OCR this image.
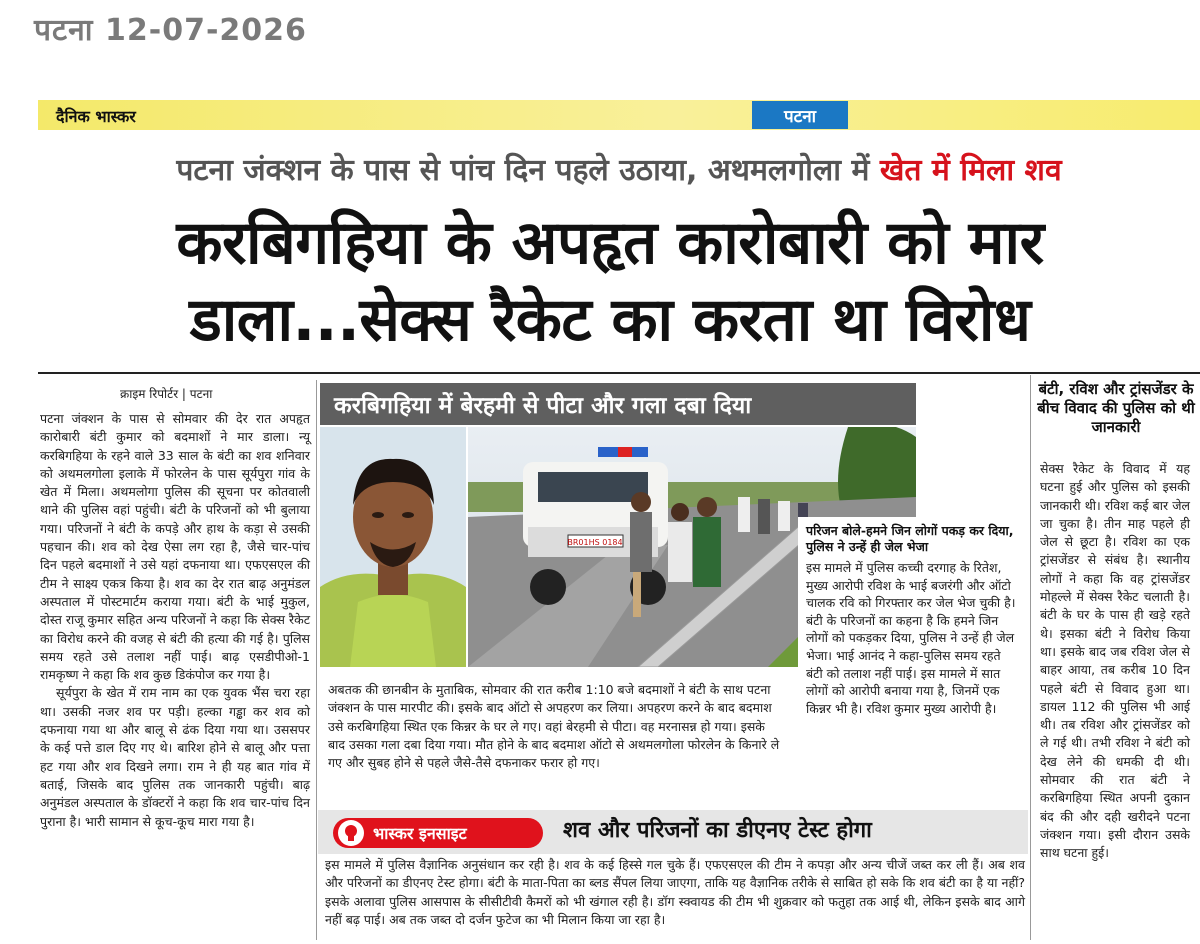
पटना 12-07-2026
दैनिक भास्कर	पटना
पटना जंक्शन के पास से पांच दिन पहले उठाया, अथमलगोला में खेत में मिला शव
करबिगहिया के अपहृत कारोबारी को मार
डाला...सेक्स रैकेट का करता था विरोध
क्राइम रिपोर्टर | पटना

पटना जंक्शन के पास से सोमवार की देर रात अपहृत कारोबारी बंटी कुमार को बदमाशों ने मार डाला। न्यू करबिगहिया के रहने वाले 33 साल के बंटी का शव शनिवार को अथमलगोला इलाके में फोरलेन के पास सूर्यपुरा गांव के खेत में मिला। अथमलोगा पुलिस की सूचना पर कोतवाली थाने की पुलिस वहां पहुंची। बंटी के परिजनों को भी बुलाया गया। परिजनों ने बंटी के कपड़े और हाथ के कड़ा से उसकी पहचान की। शव को देख ऐसा लग रहा है, जैसे चार-पांच दिन पहले बदमाशों ने उसे यहां दफनाया था। एफएसएल की टीम ने साक्ष्य एकत्र किया है। शव का देर रात बाढ़ अनुमंडल अस्पताल में पोस्टमार्टम कराया गया। बंटी के भाई मुकुल, दोस्त राजू कुमार सहित अन्य परिजनों ने कहा कि सेक्स रैकेट का विरोध करने की वजह से बंटी की हत्या की गई है। पुलिस समय रहते उसे तलाश नहीं पाई। बाढ़ एसडीपीओ-1 रामकृष्ण ने कहा कि शव कुछ डिकंपोज कर गया है।

सूर्यपुरा के खेत में राम नाम का एक युवक भैंस चरा रहा था। उसकी नजर शव पर पड़ी। हल्का गड्ढा कर शव को दफनाया गया था और बालू से ढंक दिया गया था। उससपर के कई पत्ते डाल दिए गए थे। बारिश होने से बालू और पत्ता हट गया और शव दिखने लगा। राम ने ही यह बात गांव में बताई, जिसके बाद पुलिस तक जानकारी पहुंची। बाढ़ अनुमंडल अस्पताल के डॉक्टरों ने कहा कि शव चार-पांच दिन पुराना है। भारी सामान से कूच-कूच मारा गया है।

करबिगहिया में बेरहमी से पीटा और गला दबा दिया
BR01HS 0184
परिजन बोले-हमने जिन लोगों पकड़ कर दिया, पुलिस ने उन्हें ही जेल भेजा
इस मामले में पुलिस कच्ची दरगाह के रितेश, मुख्य आरोपी रविश के भाई बजरंगी और ऑटो चालक रवि को गिरफ्तार कर जेल भेज चुकी है। बंटी के परिजनों का कहना है कि हमने जिन लोगों को पकड़कर दिया, पुलिस ने उन्हें ही जेल भेजा। भाई आनंद ने कहा-पुलिस समय रहते बंटी को तलाश नहीं पाई। इस मामले में सात लोगों को आरोपी बनाया गया है, जिनमें एक किन्नर भी है। रविश कुमार मुख्य आरोपी है।
अबतक की छानबीन के मुताबिक, सोमवार की रात करीब 1:10 बजे बदमाशों ने बंटी के साथ पटना जंक्शन के पास मारपीट की। इसके बाद ऑटो से अपहरण कर लिया। अपहरण करने के बाद बदमाश उसे करबिगहिया स्थित एक किन्नर के घर ले गए। वहां बेरहमी से पीटा। वह मरनासन्न हो गया। इसके बाद उसका गला दबा दिया गया। मौत होने के बाद बदमाश ऑटो से अथमलगोला फोरलेन के किनारे ले गए और सुबह होने से पहले जैसे-तैसे दफनाकर फरार हो गए।
बंटी, रविश और ट्रांसजेंडर के बीच विवाद की पुलिस को थी जानकारी
सेक्स रैकेट के विवाद में यह घटना हुई और पुलिस को इसकी जानकारी थी। रविश कई बार जेल जा चुका है। तीन माह पहले ही जेल से छूटा है। रविश का एक ट्रांसजेंडर से संबंध है। स्थानीय लोगों ने कहा कि वह ट्रांसजेंडर मोहल्ले में सेक्स रैकेट चलाती है। बंटी के घर के पास ही खड़े रहते थे। इसका बंटी ने विरोध किया था। इसके बाद जब रविश जेल से बाहर आया, तब करीब 10 दिन पहले बंटी से विवाद हुआ था। डायल 112 की पुलिस भी आई थी। तब रविश और ट्रांसजेंडर को ले गई थी। तभी रविश ने बंटी को देख लेने की धमकी दी थी। सोमवार की रात बंटी ने करबिगहिया स्थित अपनी दुकान बंद की और दही खरीदने पटना जंक्शन गया। इसी दौरान उसके साथ घटना हुई।
भास्कर इनसाइट	शव और परिजनों का डीएनए टेस्ट होगा
इस मामले में पुलिस वैज्ञानिक अनुसंधान कर रही है। शव के कई हिस्से गल चुके हैं। एफएसएल की टीम ने कपड़ा और अन्य चीजें जब्त कर ली हैं। अब शव और परिजनों का डीएनए टेस्ट होगा। बंटी के माता-पिता का ब्लड सैंपल लिया जाएगा, ताकि यह वैज्ञानिक तरीके से साबित हो सके कि शव बंटी का है या नहीं? इसके अलावा पुलिस आसपास के सीसीटीवी कैमरों को भी खंगाल रही है। डॉग स्क्वायड की टीम भी शुक्रवार को फतुहा तक आई थी, लेकिन इसके बाद आगे नहीं बढ़ पाई। अब तक जब्त दो दर्जन फुटेज का भी मिलान किया जा रहा है।
